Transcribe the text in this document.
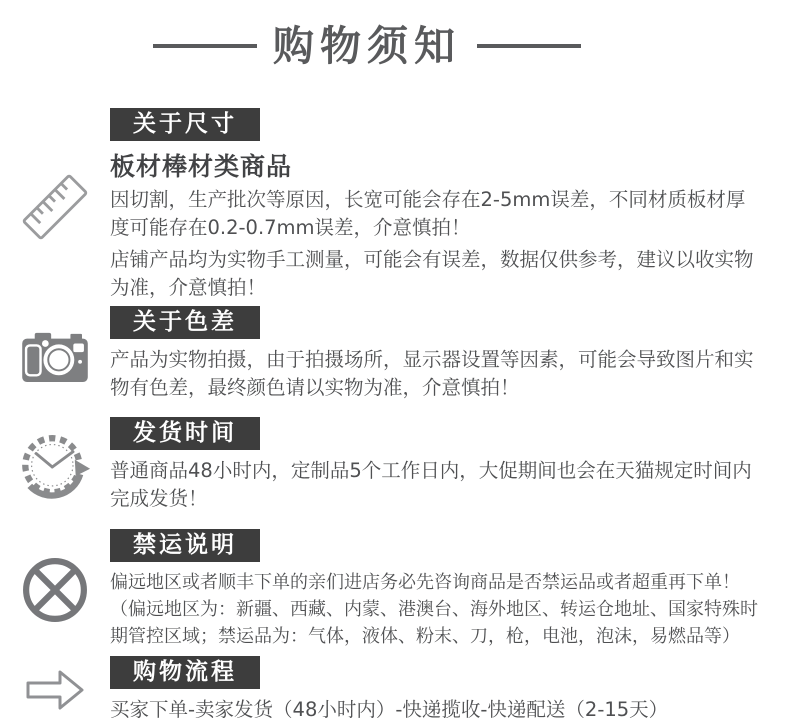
购物须知
关于尺寸
板材棒材类商品

因切割，生产批次等原因，长宽可能会存在2-5mm误差，不同材质板材厚度可能存在0.2-0.7mm误差，介意慎拍！

店铺产品均为实物手工测量，可能会有误差，数据仅供参考，建议以收实物为准，介意慎拍！

关于色差

产品为实物拍摄，由于拍摄场所，显示器设置等因素，可能会导致图片和实物有色差，最终颜色请以实物为准，介意慎拍！

发货时间

普通商品48小时内，定制品5个工作日内，大促期间也会在天猫规定时间内完成发货！

禁运说明

偏远地区或者顺丰下单的亲们进店务必先咨询商品是否禁运品或者超重再下单！

（偏远地区为：新疆、西藏、内蒙、港澳台、海外地区、转运仓地址、国家特殊时期管控区域；禁运品为：气体，液体、粉末、刀，枪，电池，泡沫，易燃品等）

购物流程

买家下单-卖家发货（48小时内）-快递揽收-快递配送（2-15天）
